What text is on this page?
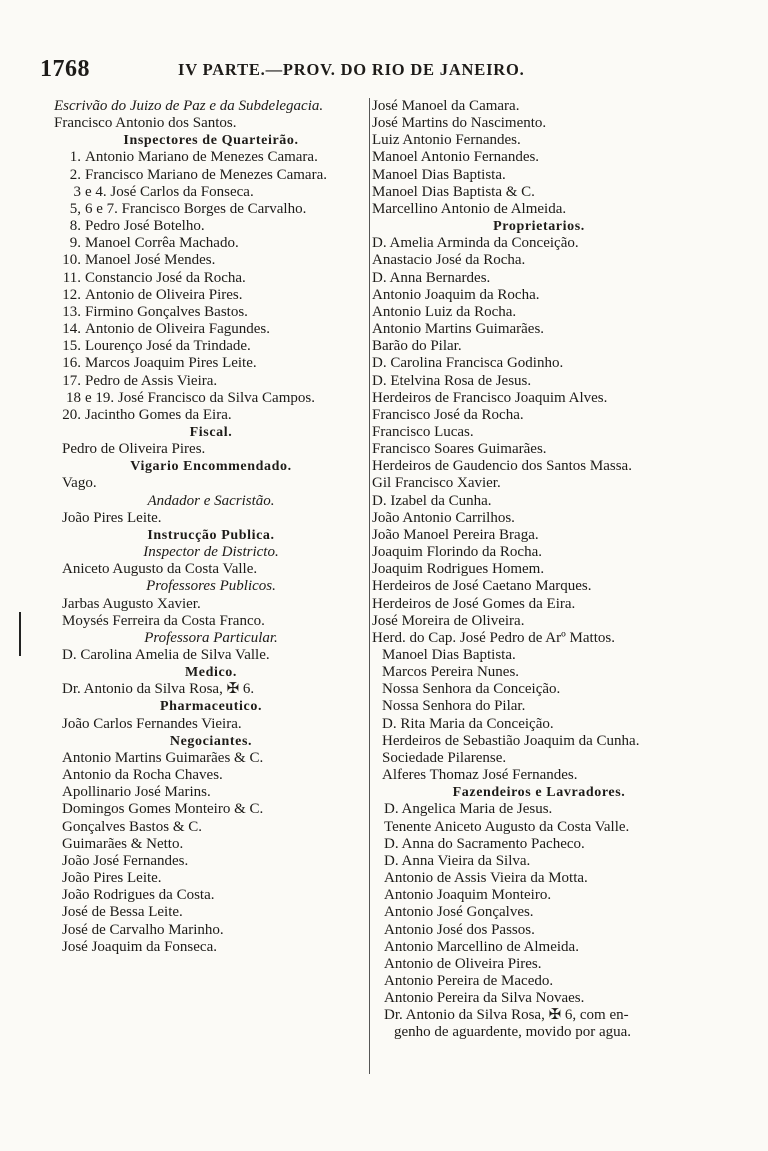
1768	IV PARTE.—PROV. DO RIO DE JANEIRO.
Escrivão do Juizo de Paz e da Subdelegacia.
Francisco Antonio dos Santos.
Inspectores de Quarteirão.
1. Antonio Mariano de Menezes Camara.
2. Francisco Mariano de Menezes Camara.
3 e 4. José Carlos da Fonseca.
5, 6 e 7. Francisco Borges de Carvalho.
8. Pedro José Botelho.
9. Manoel Corrêa Machado.
10. Manoel José Mendes.
11. Constancio José da Rocha.
12. Antonio de Oliveira Pires.
13. Firmino Gonçalves Bastos.
14. Antonio de Oliveira Fagundes.
15. Lourenço José da Trindade.
16. Marcos Joaquim Pires Leite.
17. Pedro de Assis Vieira.
18 e 19. José Francisco da Silva Campos.
20. Jacintho Gomes da Eira.
Fiscal.
Pedro de Oliveira Pires.
Vigario Encommendado.
Vago.
Andador e Sacristão.
João Pires Leite.
Instrucção Publica.
Inspector de Districto.
Aniceto Augusto da Costa Valle.
Professores Publicos.
Jarbas Augusto Xavier.
Moysés Ferreira da Costa Franco.
Professora Particular.
D. Carolina Amelia de Silva Valle.
Medico.
Dr. Antonio da Silva Rosa, ✠ 6.
Pharmaceutico.
João Carlos Fernandes Vieira.
Negociantes.
Antonio Martins Guimarães & C.
Antonio da Rocha Chaves.
Apollinario José Marins.
Domingos Gomes Monteiro & C.
Gonçalves Bastos & C.
Guimarães & Netto.
João José Fernandes.
João Pires Leite.
João Rodrigues da Costa.
José de Bessa Leite.
José de Carvalho Marinho.
José Joaquim da Fonseca.
José Manoel da Camara.
José Martins do Nascimento.
Luiz Antonio Fernandes.
Manoel Antonio Fernandes.
Manoel Dias Baptista.
Manoel Dias Baptista & C.
Marcellino Antonio de Almeida.
Proprietarios.
D. Amelia Arminda da Conceição.
Anastacio José da Rocha.
D. Anna Bernardes.
Antonio Joaquim da Rocha.
Antonio Luiz da Rocha.
Antonio Martins Guimarães.
Barão do Pilar.
D. Carolina Francisca Godinho.
D. Etelvina Rosa de Jesus.
Herdeiros de Francisco Joaquim Alves.
Francisco José da Rocha.
Francisco Lucas.
Francisco Soares Guimarães.
Herdeiros de Gaudencio dos Santos Massa.
Gil Francisco Xavier.
D. Izabel da Cunha.
João Antonio Carrilhos.
João Manoel Pereira Braga.
Joaquim Florindo da Rocha.
Joaquim Rodrigues Homem.
Herdeiros de José Caetano Marques.
Herdeiros de José Gomes da Eira.
José Moreira de Oliveira.
Herd. do Cap. José Pedro de Arº Mattos.
Manoel Dias Baptista.
Marcos Pereira Nunes.
Nossa Senhora da Conceição.
Nossa Senhora do Pilar.
D. Rita Maria da Conceição.
Herdeiros de Sebastião Joaquim da Cunha.
Sociedade Pilarense.
Alferes Thomaz José Fernandes.
Fazendeiros e Lavradores.
D. Angelica Maria de Jesus.
Tenente Aniceto Augusto da Costa Valle.
D. Anna do Sacramento Pacheco.
D. Anna Vieira da Silva.
Antonio de Assis Vieira da Motta.
Antonio Joaquim Monteiro.
Antonio José Gonçalves.
Antonio José dos Passos.
Antonio Marcellino de Almeida.
Antonio de Oliveira Pires.
Antonio Pereira de Macedo.
Antonio Pereira da Silva Novaes.
Dr. Antonio da Silva Rosa, ✠ 6, com en-
genho de aguardente, movido por agua.
